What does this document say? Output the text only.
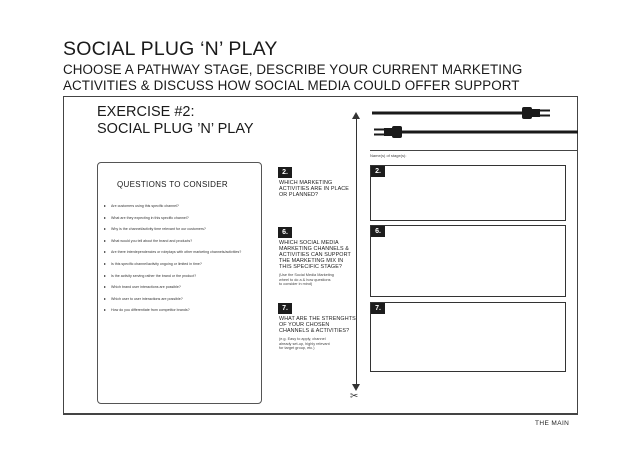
SOCIAL PLUG ‘N’ PLAY
CHOOSE A PATHWAY STAGE, DESCRIBE YOUR CURRENT MARKETING
ACTIVITIES & DISCUSS HOW SOCIAL MEDIA COULD OFFER SUPPORT
EXERCISE #2:
SOCIAL PLUG ’N’ PLAY
QUESTIONS TO CONSIDER
▸ Are customers using this specific channel?
▸ What are they expecting in this specific channel?
▸ Why is the channel/activity time relevant for our customers?
▸ What would you tell about the brand and products?
▸ Are there interdependencies or roleplays with other marketing channels/activities?
▸ Is this specific channel/activity ongoing or limited in time?
▸ Is the activity serving rather the brand or the product?
▸ Which brand user interactions are possible?
▸ Which user to user interactions are possible?
▸ How do you differentiate from competitor brands?
2.
WHICH MARKETING
ACTIVITIES ARE IN PLACE
OR PLANNED?
6.
WHICH SOCIAL MEDIA
MARKETING CHANNELS &
ACTIVITIES CAN SUPPORT
THE MARKETING MIX IN
THIS SPECIFIC STAGE?
(Use the Social Media Marketing
wheel to do a & how questions
to consider in mind)
7.
WHAT ARE THE STRENGHTS
OF YOUR CHOSEN
CHANNELS & ACTIVITIES?
(e.g. Easy to apply, channel
already set-up, highly relevant
for target group, etc.)
✂
Name(s) of stage(s):
2.
6.
7.
THE MAIN
